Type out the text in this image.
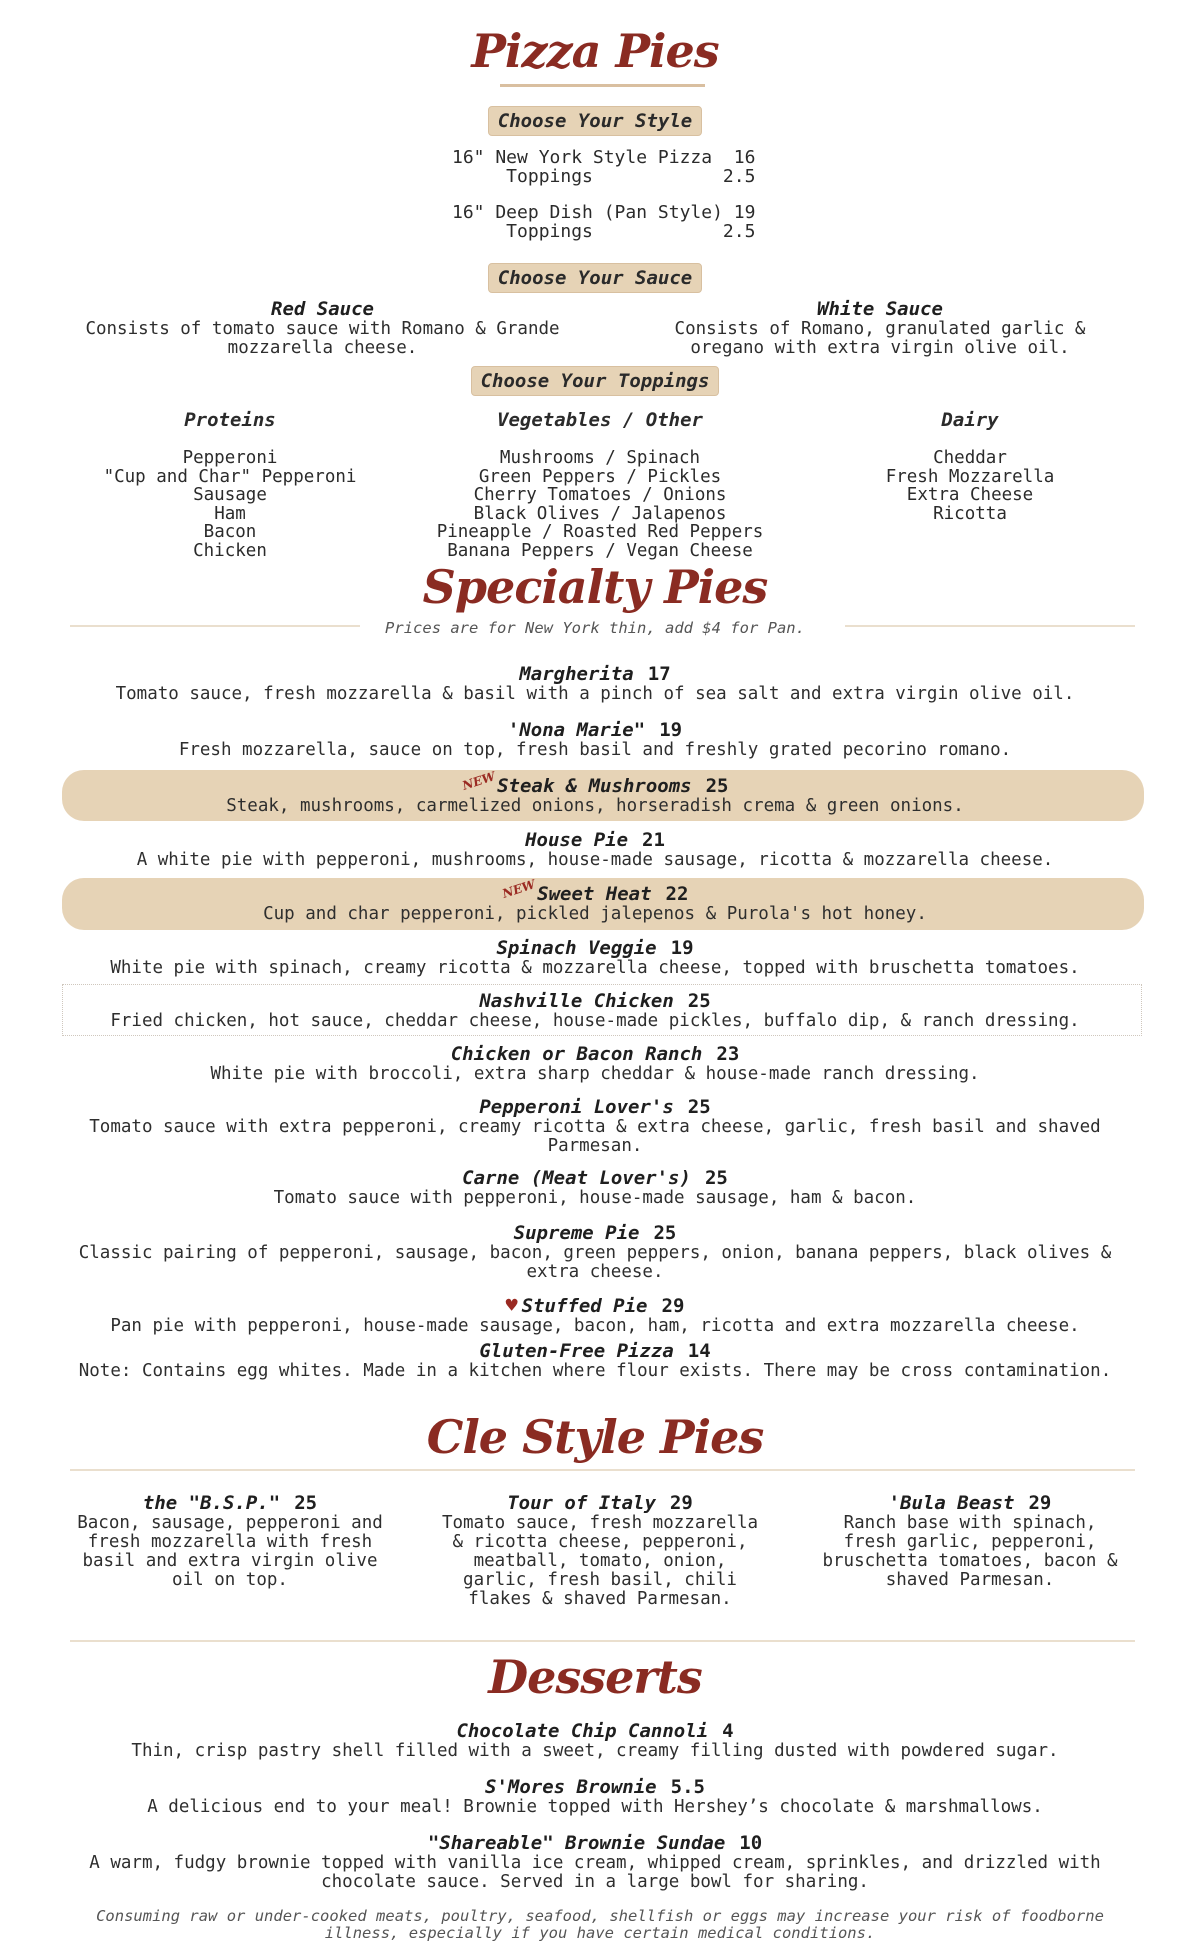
Pizza Pies
Choose Your Style
16" New York Style Pizza  16
Toppings            2.5
16" Deep Dish (Pan Style) 19
Toppings            2.5
Choose Your Sauce
Red Sauce
Consists of tomato sauce with Romano & Grande mozzarella cheese.
White Sauce
Consists of Romano, granulated garlic & oregano with extra virgin olive oil.
Choose Your Toppings
Proteins
Pepperoni
"Cup and Char" Pepperoni
Sausage
Ham
Bacon
Chicken
Vegetables / Other
Mushrooms / Spinach
Green Peppers / Pickles
Cherry Tomatoes / Onions
Black Olives / Jalapenos
Pineapple / Roasted Red Peppers
Banana Peppers / Vegan Cheese
Dairy
Cheddar
Fresh Mozzarella
Extra Cheese
Ricotta
Specialty Pies
Prices are for New York thin, add $4 for Pan.
Margherita 17
Tomato sauce, fresh mozzarella & basil with a pinch of sea salt and extra virgin olive oil.
'Nona Marie" 19
Fresh mozzarella, sauce on top, fresh basil and freshly grated pecorino romano.
NEWSteak & Mushrooms 25
Steak, mushrooms, carmelized onions, horseradish crema & green onions.
House Pie 21
A white pie with pepperoni, mushrooms, house-made sausage, ricotta & mozzarella cheese.
NEWSweet Heat 22
Cup and char pepperoni, pickled jalepenos & Purola's hot honey.
Spinach Veggie 19
White pie with spinach, creamy ricotta & mozzarella cheese, topped with bruschetta tomatoes.
Nashville Chicken 25
Fried chicken, hot sauce, cheddar cheese, house-made pickles, buffalo dip, & ranch dressing.
Chicken or Bacon Ranch 23
White pie with broccoli, extra sharp cheddar & house-made ranch dressing.
Pepperoni Lover's 25
Tomato sauce with extra pepperoni, creamy ricotta & extra cheese, garlic, fresh basil and shaved Parmesan.
Carne (Meat Lover's) 25
Tomato sauce with pepperoni, house-made sausage, ham & bacon.
Supreme Pie 25
Classic pairing of pepperoni, sausage, bacon, green peppers, onion, banana peppers, black olives & extra cheese.
♥ Stuffed Pie 29
Pan pie with pepperoni, house-made sausage, bacon, ham, ricotta and extra mozzarella cheese.
Gluten-Free Pizza 14
Note: Contains egg whites. Made in a kitchen where flour exists. There may be cross contamination.
Cle Style Pies
the "B.S.P." 25
Bacon, sausage, pepperoni and fresh mozzarella with fresh basil and extra virgin olive oil on top.
Tour of Italy 29
Tomato sauce, fresh mozzarella & ricotta cheese, pepperoni, meatball, tomato, onion, garlic, fresh basil, chili flakes & shaved Parmesan.
'Bula Beast 29
Ranch base with spinach, fresh garlic, pepperoni, bruschetta tomatoes, bacon & shaved Parmesan.
Desserts
Chocolate Chip Cannoli 4
Thin, crisp pastry shell filled with a sweet, creamy filling dusted with powdered sugar.
S'Mores Brownie 5.5
A delicious end to your meal! Brownie topped with Hershey’s chocolate & marshmallows.
"Shareable" Brownie Sundae 10
A warm, fudgy brownie topped with vanilla ice cream, whipped cream, sprinkles, and drizzled with chocolate sauce. Served in a large bowl for sharing.
Consuming raw or under-cooked meats, poultry, seafood, shellfish or eggs may increase your risk of foodborne illness, especially if you have certain medical conditions.
